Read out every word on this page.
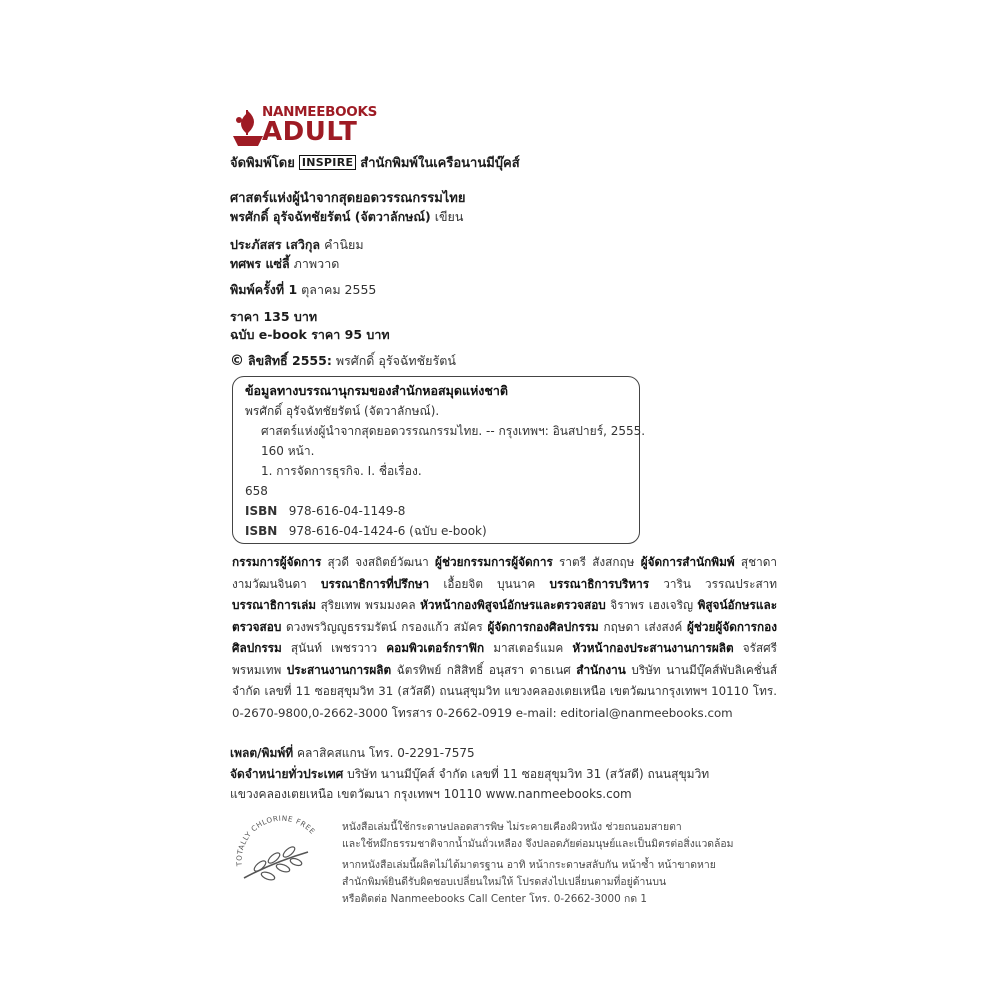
NANMEEBOOKS
ADULT
จัดพิมพ์โดย INSPIRE สำนักพิมพ์ในเครือนานมีบุ๊คส์
ศาสตร์แห่งผู้นำจากสุดยอดวรรณกรรมไทย
พรศักดิ์ อุรัจฉัทชัยรัตน์ (จัตวาลักษณ์) เขียน
ประภัสสร เสวิกุล คำนิยม
ทศพร แซ่ลี้ ภาพวาด
พิมพ์ครั้งที่ 1 ตุลาคม 2555
ราคา 135 บาท
ฉบับ e-book ราคา 95 บาท
© ลิขสิทธิ์ 2555: พรศักดิ์ อุรัจฉัทชัยรัตน์
ข้อมูลทางบรรณานุกรมของสำนักหอสมุดแห่งชาติ
พรศักดิ์ อุรัจฉัทชัยรัตน์ (จัตวาลักษณ์).
ศาสตร์แห่งผู้นำจากสุดยอดวรรณกรรมไทย. -- กรุงเทพฯ: อินสปายร์, 2555.
160 หน้า.
1. การจัดการธุรกิจ. I. ชื่อเรื่อง.
658
ISBN 978-616-04-1149-8
ISBN 978-616-04-1424-6 (ฉบับ e-book)
กรรมการผู้จัดการ สุวดี จงสถิตย์วัฒนา ผู้ช่วยกรรมการผู้จัดการ ราตรี สังสกฤษ ผู้จัดการสำนักพิมพ์ สุชาดา งามวัฒนจินดา บรรณาธิการที่ปรึกษา เอื้อยจิต บุนนาค บรรณาธิการบริหาร วาริน วรรณประสาท บรรณาธิการเล่ม สุริยเทพ พรมมงคล หัวหน้ากองพิสูจน์อักษรและตรวจสอบ จิราพร เฮงเจริญ พิสูจน์อักษรและตรวจสอบ ดวงพรวิญญูธรรมรัตน์ กรองแก้ว สมัคร ผู้จัดการกองศิลปกรรม กฤษดา เส่งสงค์ ผู้ช่วยผู้จัดการกองศิลปกรรม สุนันท์ เพชรวาว คอมพิวเตอร์กราฟิก มาสเตอร์แมค หัวหน้ากองประสานงานการผลิต จรัสศรี พรหมเทพ ประสานงานการผลิต ฉัตรทิพย์ กสิสิทธิ์ อนุสรา ดาธเนศ สำนักงาน บริษัท นานมีบุ๊คส์พับลิเคชั่นส์ จำกัด เลขที่ 11 ซอยสุขุมวิท 31 (สวัสดี) ถนนสุขุมวิท แขวงคลองเตยเหนือ เขตวัฒนากรุงเทพฯ 10110 โทร. 0-2670-9800,0-2662-3000 โทรสาร 0-2662-0919 e-mail: editorial@nanmeebooks.com
เพลต/พิมพ์ที่ คลาสิคสแกน โทร. 0-2291-7575
จัดจำหน่ายทั่วประเทศ บริษัท นานมีบุ๊คส์ จำกัด เลขที่ 11 ซอยสุขุมวิท 31 (สวัสดี) ถนนสุขุมวิท
แขวงคลองเตยเหนือ เขตวัฒนา กรุงเทพฯ 10110 www.nanmeebooks.com
TOTALLY CHLORINE FREE หนังสือเล่มนี้ใช้กระดาษปลอดสารพิษ ไม่ระคายเคืองผิวหนัง ช่วยถนอมสายตา
และใช้หมึกธรรมชาติจากน้ำมันถั่วเหลือง จึงปลอดภัยต่อมนุษย์และเป็นมิตรต่อสิ่งแวดล้อม
หากหนังสือเล่มนี้ผลิตไม่ได้มาตรฐาน อาทิ หน้ากระดาษสลับกัน หน้าซ้ำ หน้าขาดหาย
สำนักพิมพ์ยินดีรับผิดชอบเปลี่ยนใหม่ให้ โปรดส่งไปเปลี่ยนตามที่อยู่ด้านบน
หรือติดต่อ Nanmeebooks Call Center โทร. 0-2662-3000 กด 1
